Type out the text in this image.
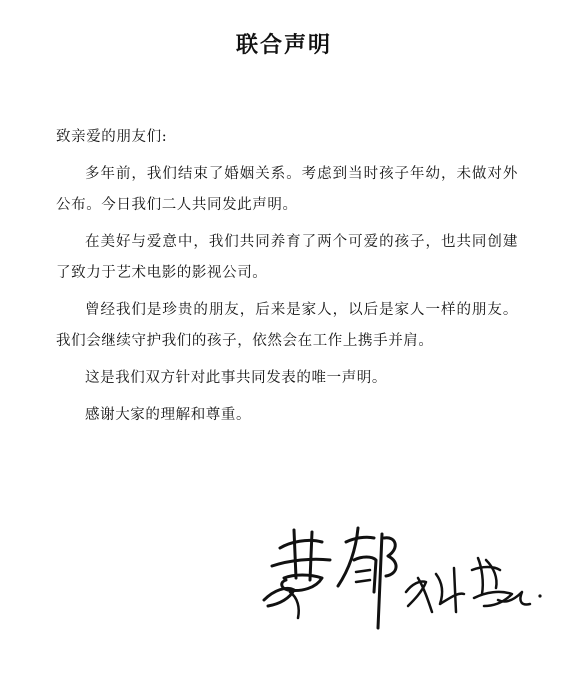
联合声明
致亲爱的朋友们:
多年前，我们结束了婚姻关系。考虑到当时孩子年幼，未做对外公布。今日我们二人共同发此声明。
在美好与爱意中，我们共同养育了两个可爱的孩子，也共同创建了致力于艺术电影的影视公司。
曾经我们是珍贵的朋友，后来是家人，以后是家人一样的朋友。我们会继续守护我们的孩子，依然会在工作上携手并肩。
这是我们双方针对此事共同发表的唯一声明。
感谢大家的理解和尊重。
